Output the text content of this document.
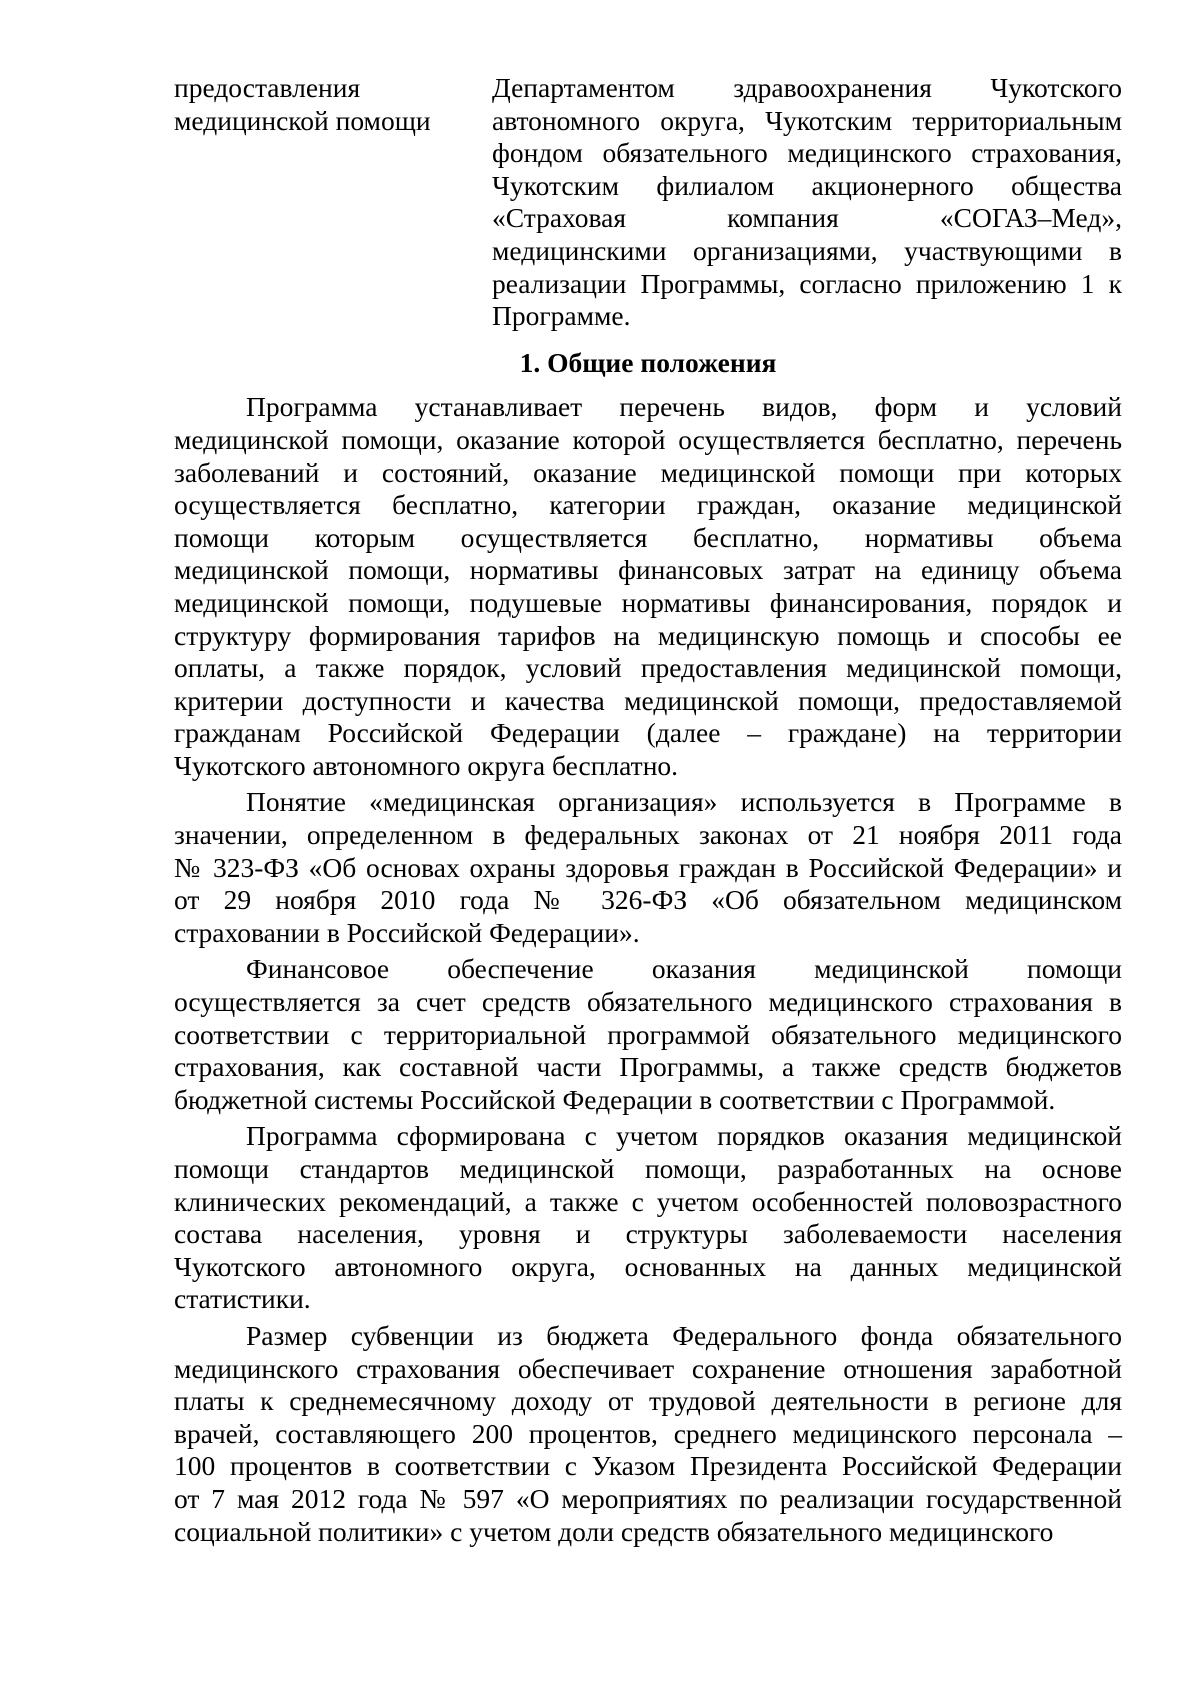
предоставления
медицинской помощи
Департаментом здравоохранения Чукотского
автономного округа, Чукотским территориальным
фондом обязательного медицинского страхования,
Чукотским филиалом акционерного общества
«Страховая компания «СОГАЗ–Мед»,
медицинскими организациями, участвующими в
реализации Программы, согласно приложению 1 к
Программе.
1. Общие положения
Программа устанавливает перечень видов, форм и условий
медицинской помощи, оказание которой осуществляется бесплатно, перечень
заболеваний и состояний, оказание медицинской помощи при которых
осуществляется бесплатно, категории граждан, оказание медицинской
помощи которым осуществляется бесплатно, нормативы объема
медицинской помощи, нормативы финансовых затрат на единицу объема
медицинской помощи, подушевые нормативы финансирования, порядок и
структуру формирования тарифов на медицинскую помощь и способы ее
оплаты, а также порядок, условий предоставления медицинской помощи,
критерии доступности и качества медицинской помощи, предоставляемой
гражданам Российской Федерации (далее – граждане) на территории
Чукотского автономного округа бесплатно.
Понятие «медицинская организация» используется в Программе в
значении, определенном в федеральных законах от 21 ноября 2011 года
№ 323-ФЗ «Об основах охраны здоровья граждан в Российской Федерации» и
от 29 ноября 2010 года № 326-ФЗ «Об обязательном медицинском
страховании в Российской Федерации».
Финансовое обеспечение оказания медицинской помощи
осуществляется за счет средств обязательного медицинского страхования в
соответствии с территориальной программой обязательного медицинского
страхования, как составной части Программы, а также средств бюджетов
бюджетной системы Российской Федерации в соответствии с Программой.
Программа сформирована с учетом порядков оказания медицинской
помощи стандартов медицинской помощи, разработанных на основе
клинических рекомендаций, а также с учетом особенностей половозрастного
состава населения, уровня и структуры заболеваемости населения
Чукотского автономного округа, основанных на данных медицинской
статистики.
Размер субвенции из бюджета Федерального фонда обязательного
медицинского страхования обеспечивает сохранение отношения заработной
платы к среднемесячному доходу от трудовой деятельности в регионе для
врачей, составляющего 200 процентов, среднего медицинского персонала –
100 процентов в соответствии с Указом Президента Российской Федерации
от 7 мая 2012 года № 597 «О мероприятиях по реализации государственной
социальной политики» с учетом доли средств обязательного медицинского
